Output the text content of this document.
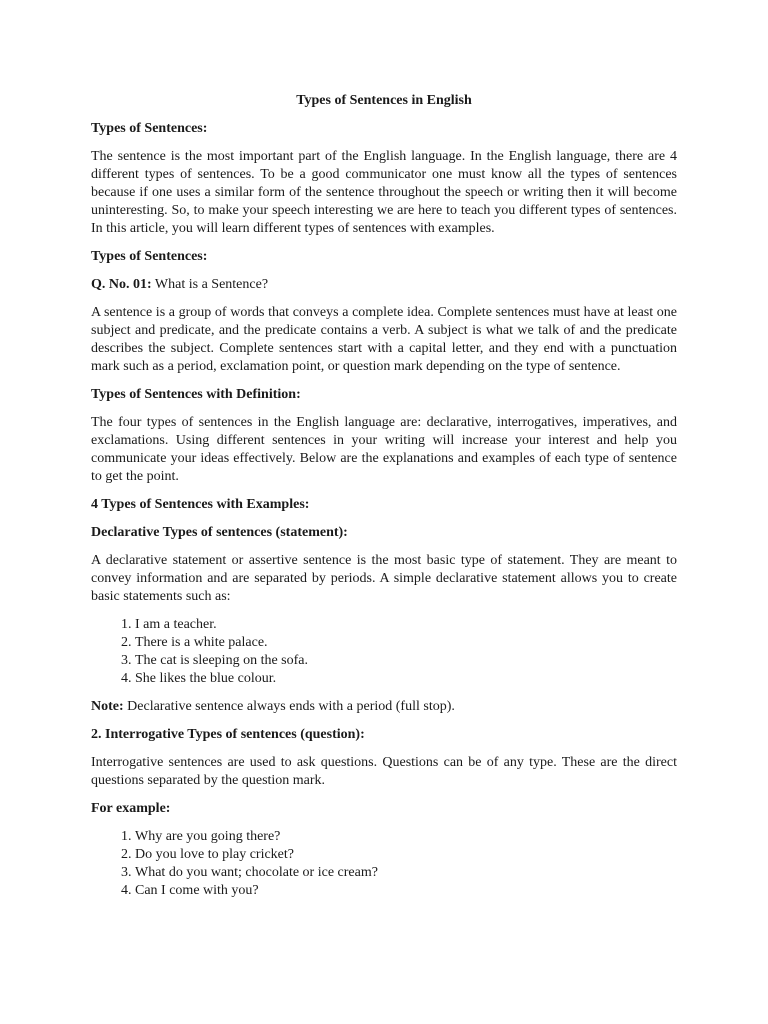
Types of Sentences in English
Types of Sentences:

The sentence is the most important part of the English language. In the English language, there are 4 different types of sentences. To be a good communicator one must know all the types of sentences because if one uses a similar form of the sentence throughout the speech or writing then it will become uninteresting. So, to make your speech interesting we are here to teach you different types of sentences. In this article, you will learn different types of sentences with examples.

Types of Sentences:

Q. No. 01: What is a Sentence?

A sentence is a group of words that conveys a complete idea. Complete sentences must have at least one subject and predicate, and the predicate contains a verb. A subject is what we talk of and the predicate describes the subject. Complete sentences start with a capital letter, and they end with a punctuation mark such as a period, exclamation point, or question mark depending on the type of sentence.

Types of Sentences with Definition:

The four types of sentences in the English language are: declarative, interrogatives, imperatives, and exclamations. Using different sentences in your writing will increase your interest and help you communicate your ideas effectively. Below are the explanations and examples of each type of sentence to get the point.

4 Types of Sentences with Examples:
Declarative Types of sentences (statement):

A declarative statement or assertive sentence is the most basic type of statement. They are meant to convey information and are separated by periods. A simple declarative statement allows you to create basic statements such as:

1. I am a teacher.
2. There is a white palace.
3. The cat is sleeping on the sofa.
4. She likes the blue colour.

Note: Declarative sentence always ends with a period (full stop).

2. Interrogative Types of sentences (question):

Interrogative sentences are used to ask questions. Questions can be of any type. These are the direct questions separated by the question mark.

For example:
1. Why are you going there?
2. Do you love to play cricket?
3. What do you want; chocolate or ice cream?
4. Can I come with you?
